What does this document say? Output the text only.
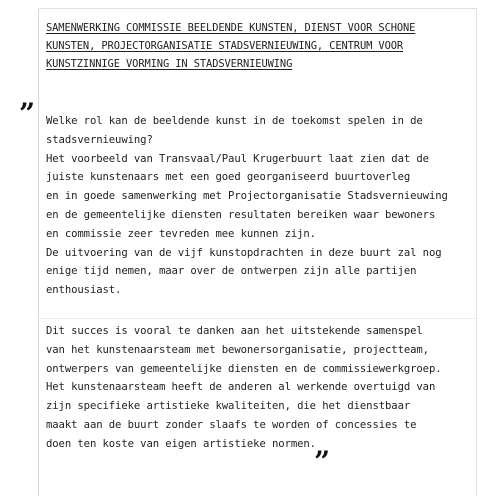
SAMENWERKING COMMISSIE BEELDENDE KUNSTEN, DIENST VOOR SCHONE
KUNSTEN, PROJECTORGANISATIE STADSVERNIEUWING, CENTRUM VOOR
KUNSTZINNIGE VORMING IN STADSVERNIEUWING
” Welke rol kan de beeldende kunst in de toekomst spelen in de
stadsvernieuwing?
Het voorbeeld van Transvaal/Paul Krugerbuurt laat zien dat de
juiste kunstenaars met een goed georganiseerd buurtoverleg
en in goede samenwerking met Projectorganisatie Stadsvernieuwing
en de gemeentelijke diensten resultaten bereiken waar bewoners
en commissie zeer tevreden mee kunnen zijn.
De uitvoering van de vijf kunstopdrachten in deze buurt zal nog
enige tijd nemen, maar over de ontwerpen zijn alle partijen
enthousiast.
Dit succes is vooral te danken aan het uitstekende samenspel
van het kunstenaarsteam met bewonersorganisatie, projectteam,
ontwerpers van gemeentelijke diensten en de commissiewerkgroep.
Het kunstenaarsteam heeft de anderen al werkende overtuigd van
zijn specifieke artistieke kwaliteiten, die het dienstbaar
maakt aan de buurt zonder slaafs te worden of concessies te
doen ten koste van eigen artistieke normen.
”
